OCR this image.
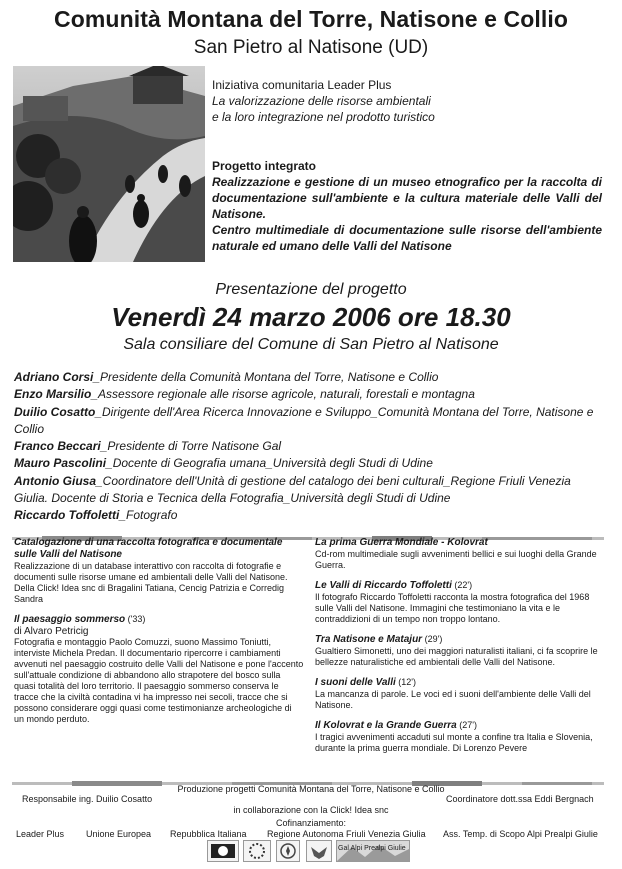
Comunità Montana del Torre, Natisone e Collio
San Pietro al Natisone (UD)
Iniziativa comunitaria Leader Plus
La valorizzazione delle risorse ambientali
e la loro integrazione nel prodotto turistico
Progetto integrato
Realizzazione e gestione di un museo etnografico per la raccolta di documentazione sull'ambiente e la cultura materiale delle Valli del Natisone.
Centro multimediale di documentazione sulle risorse dell'ambiente naturale ed umano delle Valli del Natisone
Presentazione del progetto
Venerdì 24 marzo 2006 ore 18.30
Sala consiliare del Comune di San Pietro al Natisone

Adriano Corsi_Presidente della Comunità Montana del Torre, Natisone e Collio

Enzo Marsilio_Assessore regionale alle risorse agricole, naturali, forestali e montagna

Duilio Cosatto_Dirigente dell'Area Ricerca Innovazione e Sviluppo_Comunità Montana del Torre, Natisone e Collio

Franco Beccari_Presidente di Torre Natisone Gal

Mauro Pascolini_Docente di Geografia umana_Università degli Studi di Udine

Antonio Giusa_Coordinatore dell'Unità di gestione del catalogo dei beni culturali_Regione Friuli Venezia Giulia. Docente di Storia e Tecnica della Fotografia_Università degli Studi di Udine

Riccardo Toffoletti_Fotografo

Catalogazione di una raccolta fotografica e documentale sulle Valli del Natisone
Realizzazione di un database interattivo con raccolta di fotografie e documenti sulle risorse umane ed ambientali delle Valli del Natisone. Della Click! Idea snc di Bragalini Tatiana, Cencig Patrizia e Corredig Sandra
Il paesaggio sommerso ('33)
di Alvaro Petricig
Fotografia e montaggio Paolo Comuzzi, suono Massimo Toniutti, interviste Michela Predan. Il documentario ripercorre i cambiamenti avvenuti nel paesaggio costruito delle Valli del Natisone e pone l'accento sull'attuale condizione di abbandono allo strapotere del bosco sulla quasi totalità del loro territorio. Il paesaggio sommerso conserva le tracce che la civiltà contadina vi ha impresso nei secoli, tracce che si possono considerare oggi quasi come testimonianze archeologiche di un mondo perduto.
La prima Guerra Mondiale - Kolovrat
Cd-rom multimediale sugli avvenimenti bellici e sui luoghi della Grande Guerra.
Le Valli di Riccardo Toffoletti (22')
Il fotografo Riccardo Toffoletti racconta la mostra fotografica del 1968 sulle Valli del Natisone. Immagini che testimoniano la vita e le contraddizioni di un tempo non troppo lontano.
Tra Natisone e Matajur (29')
Gualtiero Simonetti, uno dei maggiori naturalisti italiani, ci fa scoprire le bellezze naturalistiche ed ambientali delle Valli del Natisone.
I suoni delle Valli (12')
La mancanza di parole. Le voci ed i suoni dell'ambiente delle Valli del Natisone.
Il Kolovrat e la Grande Guerra (27')
I tragici avvenimenti accaduti sul monte a confine tra Italia e Slovenia, durante la prima guerra mondiale. Di Lorenzo Pevere
Produzione progetti Comunità Montana del Torre, Natisone e Collio
Responsabile ing. Duilio Cosatto	Coordinatore dott.ssa Eddi Bergnach
in collaborazione con la Click! Idea snc
Cofinanziamento:
Leader Plus Unione Europea Repubblica Italiana Regione Autonoma Friuli Venezia Giulia Ass. Temp. di Scopo Alpi Prealpi Giulie
Gal Alpi Prealpi Giulie
